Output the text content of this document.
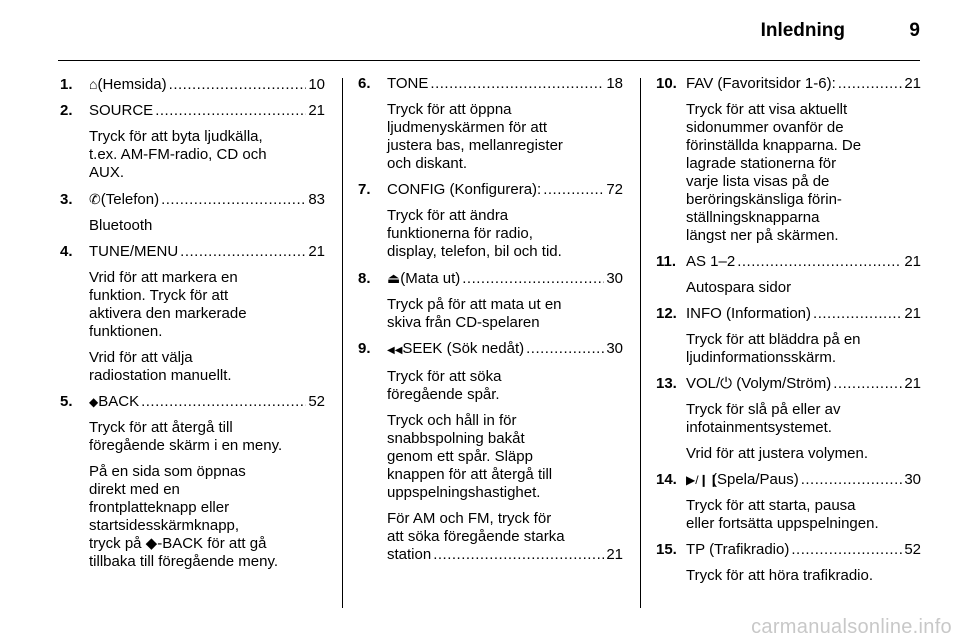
Inledning	9
1.	⌂ (Hemsida) .....	10
2.	SOURCE .....	21
Tryck för att byta ljudkälla,
t.ex. AM-FM-radio, CD och
AUX.
3.	✆ (Telefon) .....	83
Bluetooth
4.	TUNE/MENU .....	21
Vrid för att markera en
funktion. Tryck för att
aktivera den markerade
funktionen.
Vrid för att välja
radiostation manuellt.
5.	◆ BACK .....	52
Tryck för att återgå till
föregående skärm i en meny.
På en sida som öppnas
direkt med en
frontplatteknapp eller
startsidesskärmknapp,
tryck på ◆-BACK för att gå
tillbaka till föregående meny.
6.	TONE .....	18
Tryck för att öppna
ljudmenyskärmen för att
justera bas, mellanregister
och diskant.
7.	CONFIG (Konfigurera): .....	72
Tryck för att ändra
funktionerna för radio,
display, telefon, bil och tid.
8.	⏏ (Mata ut) .....	30
Tryck på för att mata ut en
skiva från CD-spelaren
9.	◀◀ SEEK (Sök nedåt) .....	30
Tryck för att söka
föregående spår.
Tryck och håll in för
snabbspolning bakåt
genom ett spår. Släpp
knappen för att återgå till
uppspelningshastighet.
För AM och FM, tryck för
att söka föregående starka
station .....	21
10. FAV (Favoritsidor 1-6): .....	21
Tryck för att visa aktuellt
sidonummer ovanför de
förinställda knapparna. De
lagrade stationerna för
varje lista visas på de
beröringskänsliga förin-
ställningsknapparna
längst ner på skärmen.
11. AS 1–2 .....	21
Autospara sidor
12. INFO (Information) .....	21
Tryck för att bläddra på en
ljudinformationsskärm.
13. VOL/⏻ (Volym/Ström) .....	21
Tryck för slå på eller av
infotainmentsystemet.
Vrid för att justera volymen.
14. ▶/❙❙
(Spela/Paus) .....	30
Tryck för att starta, pausa
eller fortsätta uppspelningen.
15. TP (Trafikradio) .....	52
Tryck för att höra trafikradio.
carmanualsonline.info
